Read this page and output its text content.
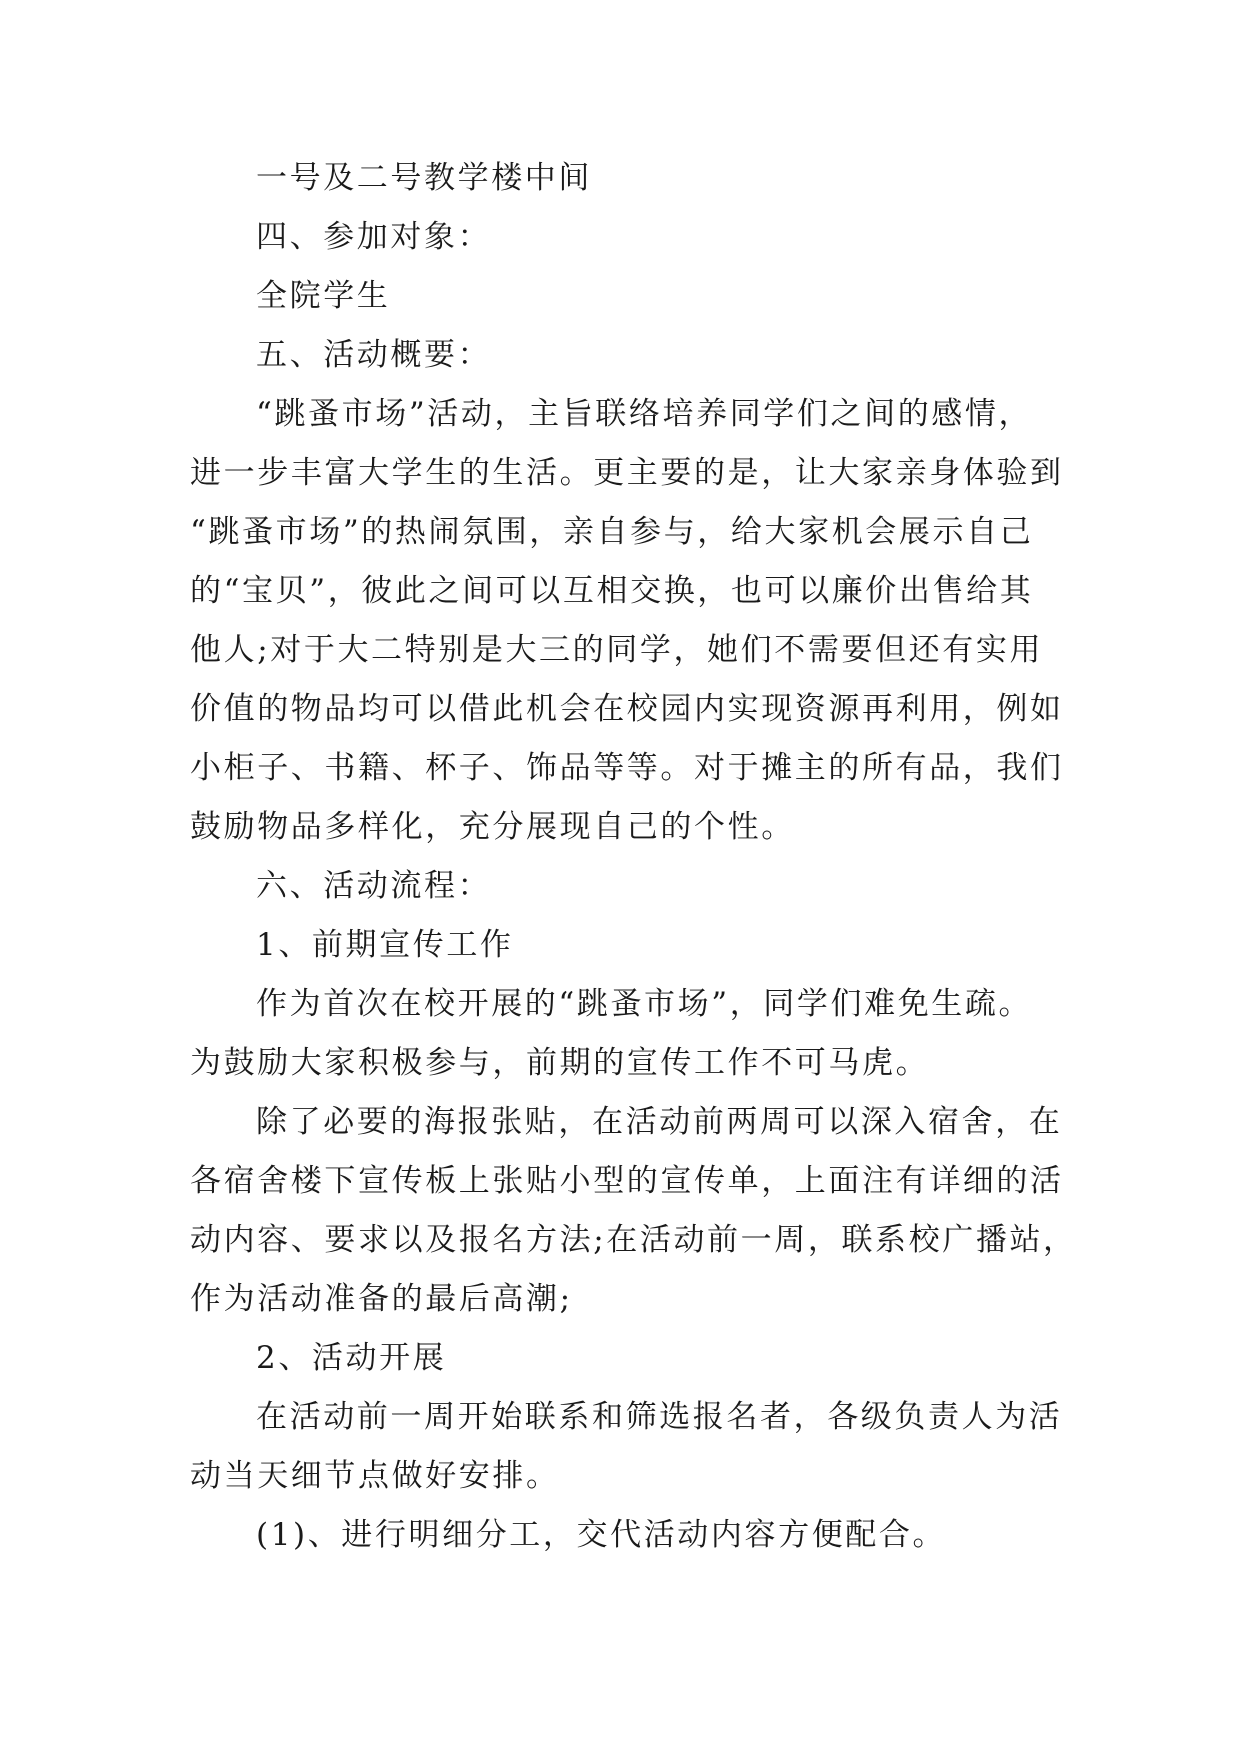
一号及二号教学楼中间
四、参加对象：
全院学生
五、活动概要：
“跳蚤市场”活动，主旨联络培养同学们之间的感情，
进一步丰富大学生的生活。更主要的是，让大家亲身体验到
“跳蚤市场”的热闹氛围，亲自参与，给大家机会展示自己
的“宝贝”，彼此之间可以互相交换，也可以廉价出售给其
他人;对于大二特别是大三的同学，她们不需要但还有实用
价值的物品均可以借此机会在校园内实现资源再利用，例如
小柜子、书籍、杯子、饰品等等。对于摊主的所有品，我们
鼓励物品多样化，充分展现自己的个性。
六、活动流程：
1、前期宣传工作
作为首次在校开展的“跳蚤市场”，同学们难免生疏。
为鼓励大家积极参与，前期的宣传工作不可马虎。
除了必要的海报张贴，在活动前两周可以深入宿舍，在
各宿舍楼下宣传板上张贴小型的宣传单，上面注有详细的活
动内容、要求以及报名方法;在活动前一周，联系校广播站，
作为活动准备的最后高潮;
2、活动开展
在活动前一周开始联系和筛选报名者，各级负责人为活
动当天细节点做好安排。
(1)、进行明细分工，交代活动内容方便配合。
